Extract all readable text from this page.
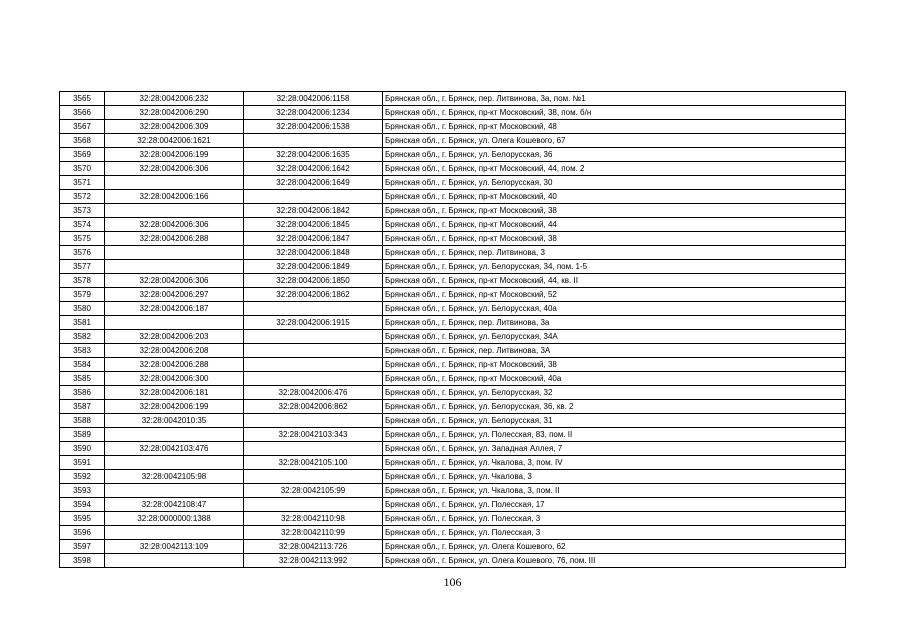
3565	32:28:0042006:232	32:28:0042006:1158	Брянская обл., г. Брянск, пер. Литвинова, 3а, пом. №1
3566	32:28:0042006:290	32:28:0042006:1234	Брянская обл., г. Брянск, пр-кт Московский, 38, пом. б/н
3567	32:28:0042006:309	32:28:0042006:1538	Брянская обл., г. Брянск, пр-кт Московский, 48
3568	32:28:0042006:1621		Брянская обл., г. Брянск, ул. Олега Кошевого, 67
3569	32:28:0042006:199	32:28:0042006:1635	Брянская обл., г. Брянск, ул. Белорусская, 36
3570	32:28:0042006:306	32:28:0042006:1642	Брянская обл., г. Брянск, пр-кт Московский, 44, пом. 2
3571		32:28:0042006:1649	Брянская обл., г. Брянск, ул. Белорусская, 30
3572	32:28:0042006:166		Брянская обл., г. Брянск, пр-кт Московский, 40
3573		32:28:0042006:1842	Брянская обл., г. Брянск, пр-кт Московский, 38
3574	32:28:0042006:306	32:28:0042006:1845	Брянская обл., г. Брянск, пр-кт Московский, 44
3575	32:28:0042006:288	32:28:0042006:1847	Брянская обл., г. Брянск, пр-кт Московский, 38
3576		32:28:0042006:1848	Брянская обл., г. Брянск, пер. Литвинова, 3
3577		32:28:0042006:1849	Брянская обл., г. Брянск, ул. Белорусская, 34, пом. 1-5
3578	32:28:0042006:306	32:28:0042006:1850	Брянская обл., г. Брянск, пр-кт Московский, 44, кв. II
3579	32:28:0042006:297	32:28:0042006:1862	Брянская обл., г. Брянск, пр-кт Московский, 52
3580	32:28:0042006:187		Брянская обл., г. Брянск, ул. Белорусская, 40а
3581		32:28:0042006:1915	Брянская обл., г. Брянск, пер. Литвинова, 3а
3582	32:28:0042006:203		Брянская обл., г. Брянск, ул. Белорусская, 34А
3583	32:28:0042006:208		Брянская обл., г. Брянск, пер. Литвинова, 3А
3584	32:28:0042006:288		Брянская обл., г. Брянск, пр-кт Московский, 38
3585	32:28:0042006:300		Брянская обл., г. Брянск, пр-кт Московский, 40а
3586	32:28:0042006:181	32:28:0042006:476	Брянская обл., г. Брянск, ул. Белорусская, 32
3587	32:28:0042006:199	32:28:0042006:862	Брянская обл., г. Брянск, ул. Белорусская, 36, кв. 2
3588	32:28:0042010:35		Брянская обл., г. Брянск, ул. Белорусская, 31
3589		32:28:0042103:343	Брянская обл., г. Брянск, ул. Полесская, 83, пом. II
3590	32:28:0042103:476		Брянская обл., г. Брянск, ул. Западная Аллея, 7
3591		32:28:0042105:100	Брянская обл., г. Брянск, ул. Чкалова, 3, пом. IV
3592	32:28:0042105:98		Брянская обл., г. Брянск, ул. Чкалова, 3
3593		32:28:0042105:99	Брянская обл., г. Брянск, ул. Чкалова, 3, пом. II
3594	32:28:0042108:47		Брянская обл., г. Брянск, ул. Полесская, 17
3595	32:28:0000000:1388	32:28:0042110:98	Брянская обл., г. Брянск, ул. Полесская, 3
3596		32:28:0042110:99	Брянская обл., г. Брянск, ул. Полесская, 3
3597	32:28:0042113:109	32:28:0042113:726	Брянская обл., г. Брянск, ул. Олега Кошевого, 62
3598		32:28:0042113:992	Брянская обл., г. Брянск, ул. Олега Кошевого, 76, пом. III
106
